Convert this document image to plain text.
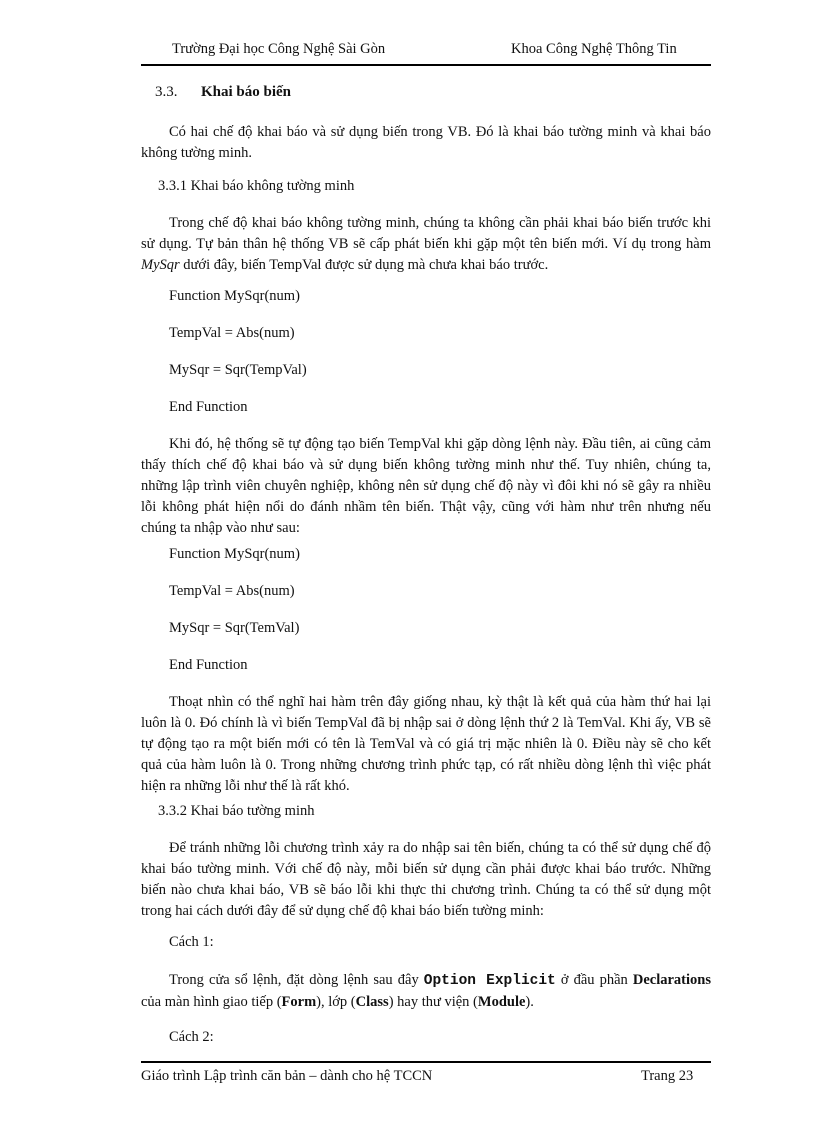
Trường Đại học Công Nghệ Sài Gòn	Khoa Công Nghệ Thông Tin
3.3. Khai báo biến
Có hai chế độ khai báo và sử dụng biến trong VB. Đó là khai báo tường minh và khai báo không tường minh.
3.3.1 Khai báo không tường minh
Trong chế độ khai báo không tường minh, chúng ta không cần phải khai báo biến trước khi sử dụng. Tự bản thân hệ thống VB sẽ cấp phát biến khi gặp một tên biến mới. Ví dụ trong hàm MySqr dưới đây, biến TempVal được sử dụng mà chưa khai báo trước.
Function MySqr(num)
TempVal = Abs(num)
MySqr = Sqr(TempVal)
End Function
Khi đó, hệ thống sẽ tự động tạo biến TempVal khi gặp dòng lệnh này. Đầu tiên, ai cũng cảm thấy thích chế độ khai báo và sử dụng biến không tường minh như thế. Tuy nhiên, chúng ta, những lập trình viên chuyên nghiệp, không nên sử dụng chế độ này vì đôi khi nó sẽ gây ra nhiều lỗi không phát hiện nổi do đánh nhầm tên biến. Thật vậy, cũng với hàm như trên nhưng nếu chúng ta nhập vào như sau:
Function MySqr(num)
TempVal = Abs(num)
MySqr = Sqr(TemVal)
End Function
Thoạt nhìn có thể nghĩ hai hàm trên đây giống nhau, kỳ thật là kết quả của hàm thứ hai lại luôn là 0. Đó chính là vì biến TempVal đã bị nhập sai ở dòng lệnh thứ 2 là TemVal. Khi ấy, VB sẽ tự động tạo ra một biến mới có tên là TemVal và có giá trị mặc nhiên là 0. Điều này sẽ cho kết quả của hàm luôn là 0. Trong những chương trình phức tạp, có rất nhiều dòng lệnh thì việc phát hiện ra những lỗi như thế là rất khó.
3.3.2 Khai báo tường minh
Để tránh những lỗi chương trình xảy ra do nhập sai tên biến, chúng ta có thể sử dụng chế độ khai báo tường minh. Với chế độ này, mỗi biến sử dụng cần phải được khai báo trước. Những biến nào chưa khai báo, VB sẽ báo lỗi khi thực thi chương trình. Chúng ta có thể sử dụng một trong hai cách dưới đây để sử dụng chế độ khai báo biến tường minh:
Cách 1:
Trong cửa sổ lệnh, đặt dòng lệnh sau đây Option Explicit ở đầu phần Declarations của màn hình giao tiếp (Form), lớp (Class) hay thư viện (Module).
Cách 2:
Giáo trình Lập trình căn bản – dành cho hệ TCCN	Trang 23
